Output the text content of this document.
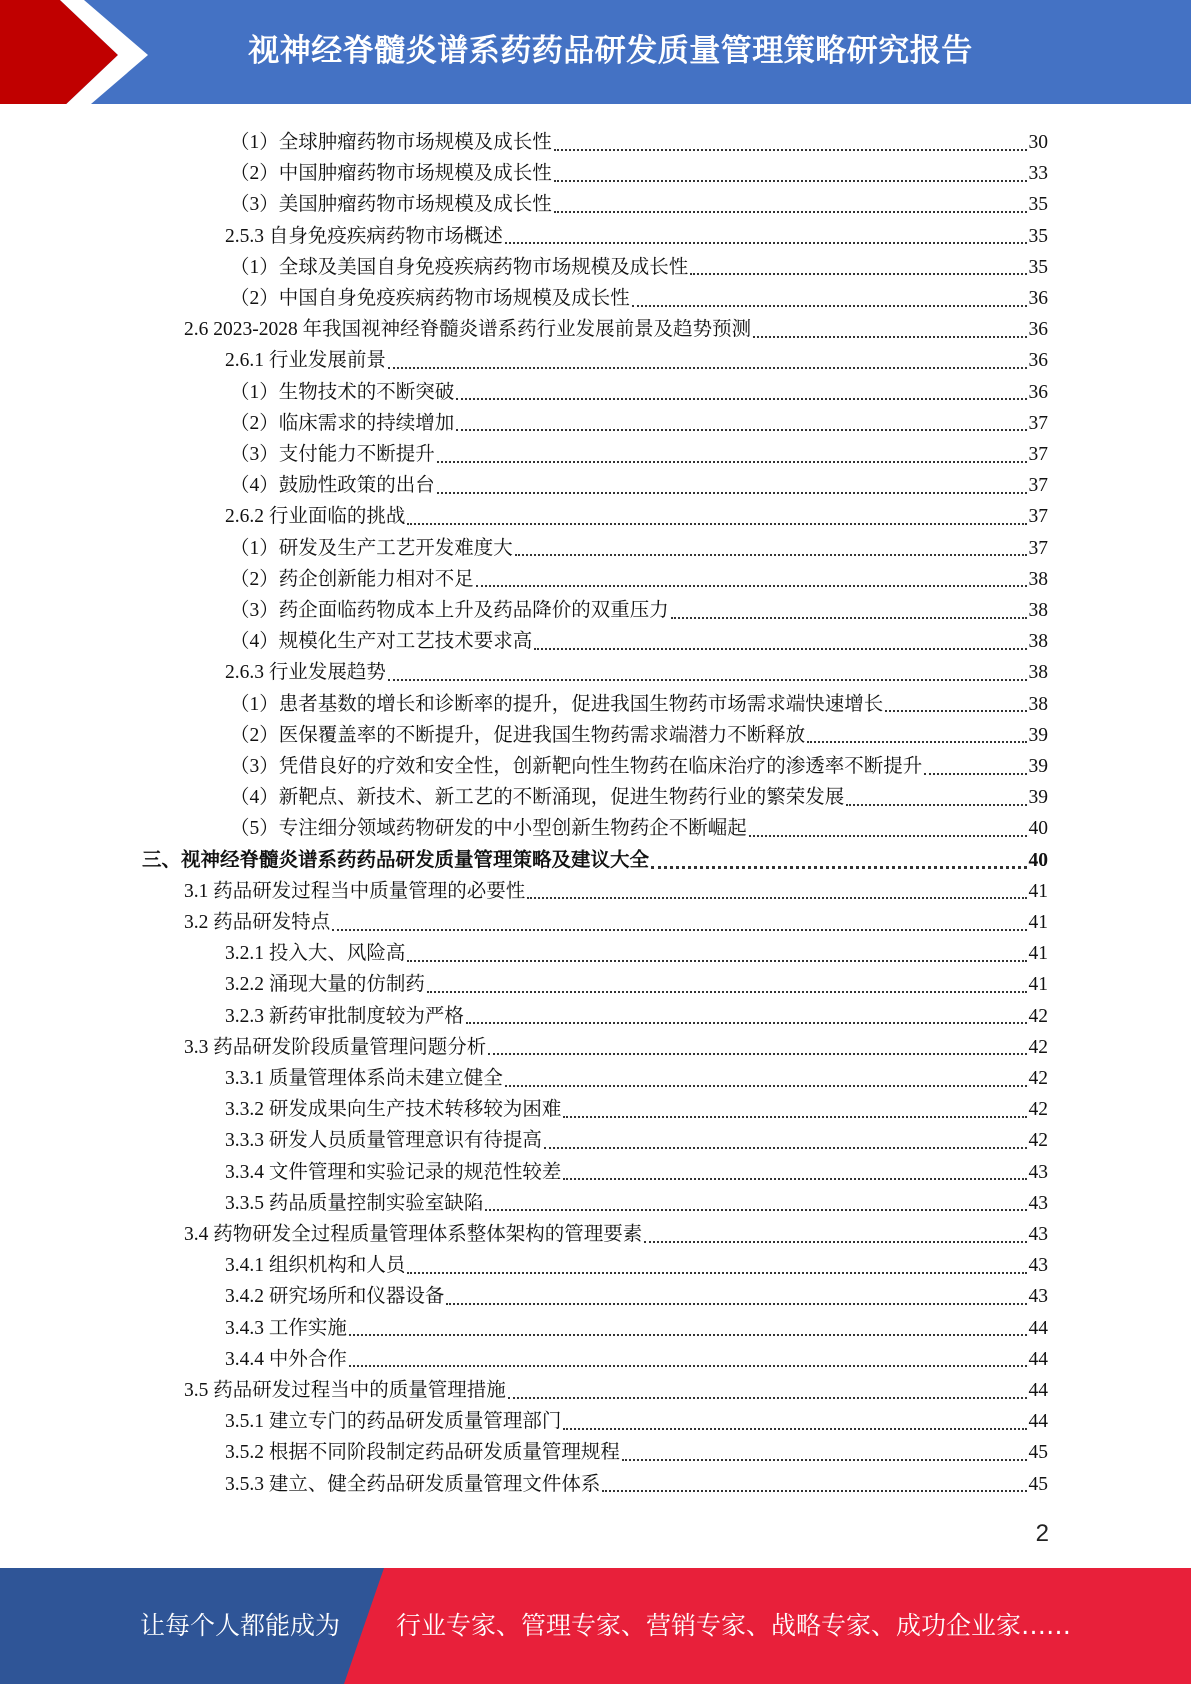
视神经脊髓炎谱系药药品研发质量管理策略研究报告
（1）全球肿瘤药物市场规模及成长性	30
（2）中国肿瘤药物市场规模及成长性	33
（3）美国肿瘤药物市场规模及成长性	35
2.5.3 自身免疫疾病药物市场概述	35
（1）全球及美国自身免疫疾病药物市场规模及成长性	35
（2）中国自身免疫疾病药物市场规模及成长性	36
2.6 2023-2028 年我国视神经脊髓炎谱系药行业发展前景及趋势预测	36
2.6.1 行业发展前景	36
（1）生物技术的不断突破	36
（2）临床需求的持续增加	37
（3）支付能力不断提升	37
（4）鼓励性政策的出台	37
2.6.2 行业面临的挑战	37
（1）研发及生产工艺开发难度大	37
（2）药企创新能力相对不足	38
（3）药企面临药物成本上升及药品降价的双重压力	38
（4）规模化生产对工艺技术要求高	38
2.6.3 行业发展趋势	38
（1）患者基数的增长和诊断率的提升，促进我国生物药市场需求端快速增长	38
（2）医保覆盖率的不断提升，促进我国生物药需求端潜力不断释放	39
（3）凭借良好的疗效和安全性，创新靶向性生物药在临床治疗的渗透率不断提升	39
（4）新靶点、新技术、新工艺的不断涌现，促进生物药行业的繁荣发展	39
（5）专注细分领域药物研发的中小型创新生物药企不断崛起	40
三、视神经脊髓炎谱系药药品研发质量管理策略及建议大全	40
3.1 药品研发过程当中质量管理的必要性	41
3.2 药品研发特点	41
3.2.1 投入大、风险高	41
3.2.2 涌现大量的仿制药	41
3.2.3 新药审批制度较为严格	42
3.3 药品研发阶段质量管理问题分析	42
3.3.1 质量管理体系尚未建立健全	42
3.3.2 研发成果向生产技术转移较为困难	42
3.3.3 研发人员质量管理意识有待提高	42
3.3.4 文件管理和实验记录的规范性较差	43
3.3.5 药品质量控制实验室缺陷	43
3.4 药物研发全过程质量管理体系整体架构的管理要素	43
3.4.1 组织机构和人员	43
3.4.2 研究场所和仪器设备	43
3.4.3 工作实施	44
3.4.4 中外合作	44
3.5 药品研发过程当中的质量管理措施	44
3.5.1 建立专门的药品研发质量管理部门	44
3.5.2 根据不同阶段制定药品研发质量管理规程	45
3.5.3 建立、健全药品研发质量管理文件体系	45
2
让每个人都能成为 行业专家、管理专家、营销专家、战略专家、成功企业家……
